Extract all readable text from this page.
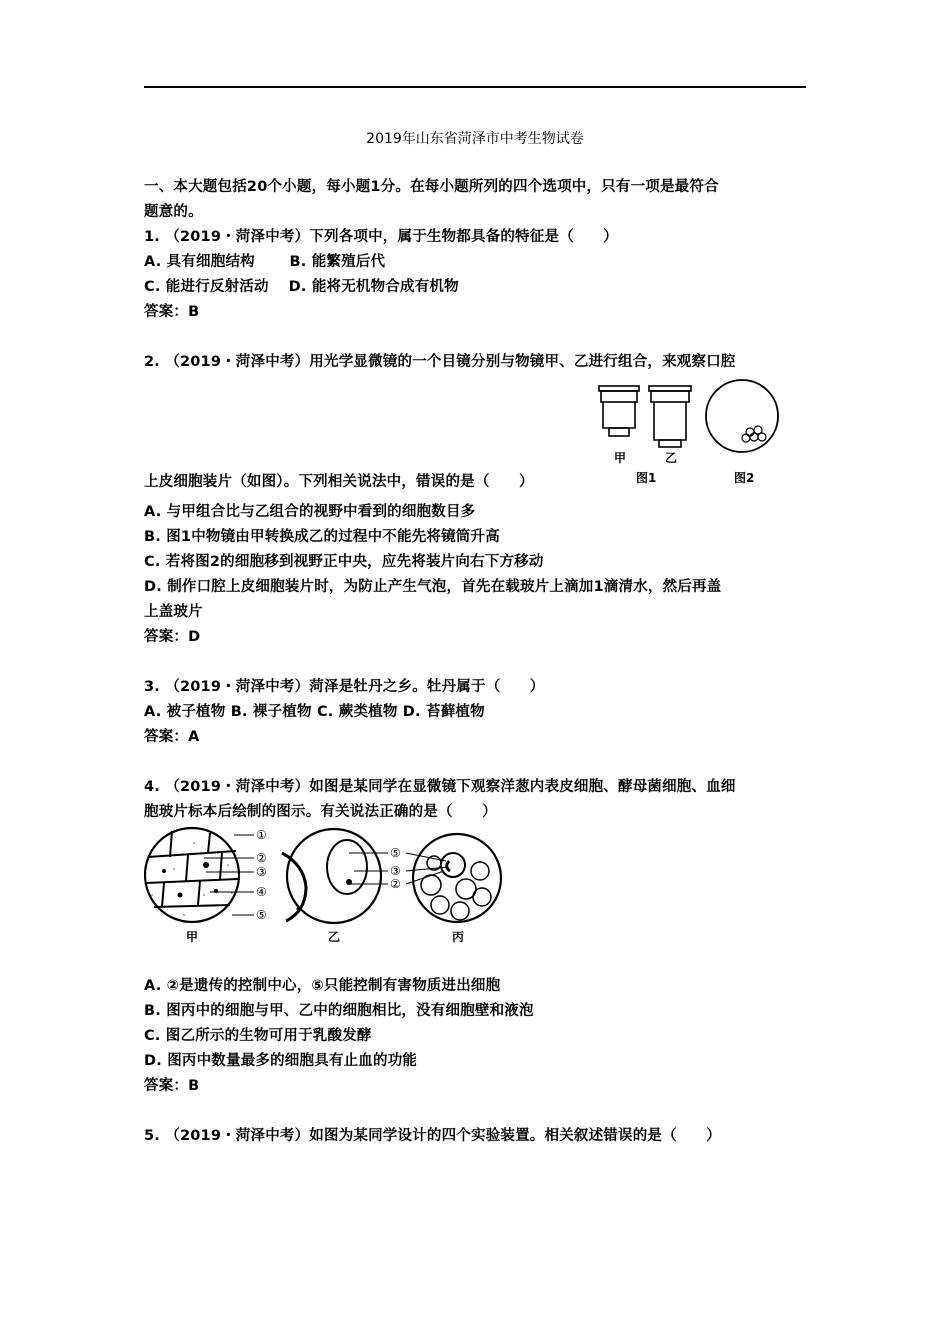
2019年山东省菏泽市中考生物试卷
一、本大题包括20个小题，每小题1分。在每小题所列的四个选项中，只有一项是最符合
题意的。
1. （2019・菏泽中考）下列各项中，属于生物都具备的特征是（　　）
A. 具有细胞结构　　 B. 能繁殖后代
C. 能进行反射活动　 D. 能将无机物合成有机物
答案：B
2. （2019・菏泽中考）用光学显微镜的一个目镜分别与物镜甲、乙进行组合，来观察口腔
甲	乙
图1	图2
上皮细胞装片（如图）。下列相关说法中，错误的是（　　）
A. 与甲组合比与乙组合的视野中看到的细胞数目多
B. 图1中物镜由甲转换成乙的过程中不能先将镜筒升高
C. 若将图2的细胞移到视野正中央，应先将装片向右下方移动
D. 制作口腔上皮细胞装片时，为防止产生气泡，首先在载玻片上滴加1滴清水，然后再盖
上盖玻片
答案：D
3. （2019・菏泽中考）菏泽是牡丹之乡。牡丹属于（　　）
A. 被子植物 B. 裸子植物 C. 蕨类植物 D. 苔藓植物
答案：A
4. （2019・菏泽中考）如图是某同学在显微镜下观察洋葱内表皮细胞、酵母菌细胞、血细
胞玻片标本后绘制的图示。有关说法正确的是（　　）
①
②
③
④
⑤
⑤
③
②
甲	乙	丙
A. ②是遗传的控制中心，⑤只能控制有害物质进出细胞
B. 图丙中的细胞与甲、乙中的细胞相比，没有细胞壁和液泡
C. 图乙所示的生物可用于乳酸发酵
D. 图丙中数量最多的细胞具有止血的功能
答案：B
5. （2019・菏泽中考）如图为某同学设计的四个实验装置。相关叙述错误的是（　　）
